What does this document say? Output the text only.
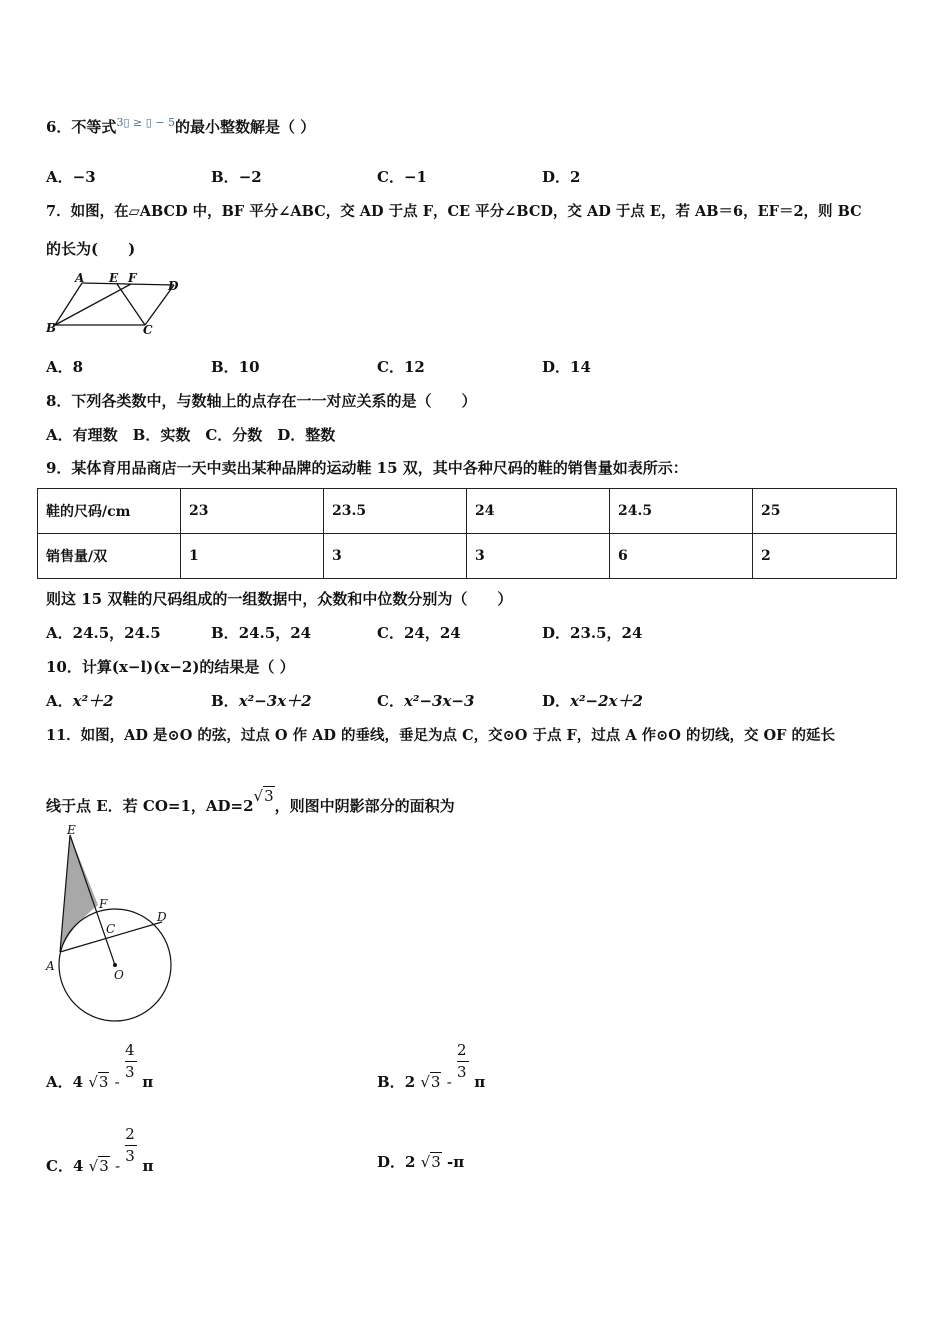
6．不等式$^{3▯ \ge ▯ - 5}$的最小整数解是（ ）
A．−3	B．−2	C．−1	D．2
7．如图，在▱ABCD 中，BF 平分∠ABC，交 AD 于点 F，CE 平分∠BCD，交 AD 于点 E，若 AB＝6，EF＝2，则 BC
的长为(　　)
A E F
D
B	C
A．8	B．10	C．12	D．14
8．下列各类数中，与数轴上的点存在一一对应关系的是（　　）
A．有理数　B．实数　C．分数　D．整数
9．某体育用品商店一天中卖出某种品牌的运动鞋 15 双，其中各种尺码的鞋的销售量如表所示：
鞋的尺码/cm	23	23.5	24	24.5	25
销售量/双	1	3	3	6	2
则这 15 双鞋的尺码组成的一组数据中，众数和中位数分别为（　　）
A．24.5，24.5	B．24.5，24	C．24，24	D．23.5，24
10．计算(x−l)(x−2)的结果是（ ）
A．x²＋2	B．x²−3x＋2	C．x²−3x−3	D．x²−2x＋2
11．如图，AD 是⊙O 的弦，过点 O 作 AD 的垂线，垂足为点 C，交⊙O 于点 F，过点 A 作⊙O 的切线，交 OF 的延长
线于点 E．若 CO=1，AD=2√3，则图中阴影部分的面积为
E
F
C
D
A
O
A．4 $√3 - \frac{4}{3}$ π	B．2 $√3 - \frac{2}{3}$ π
C．4 $√3 - \frac{2}{3}$ π	D．2 √3 -π
